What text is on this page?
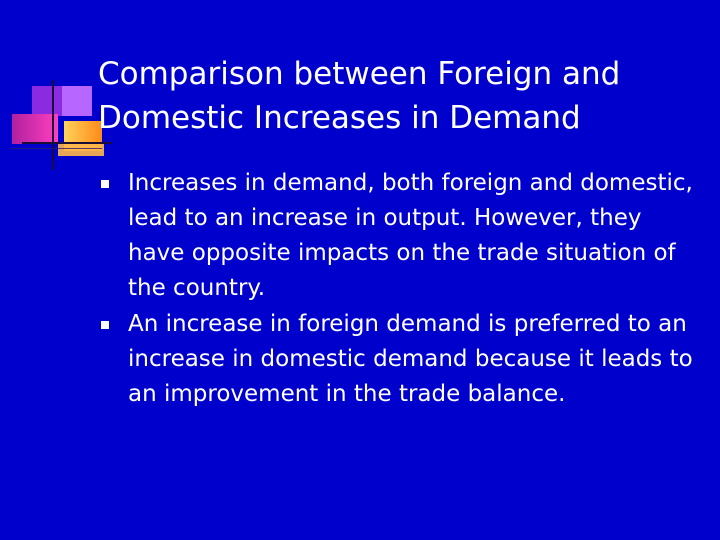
Comparison between Foreign and Domestic Increases in Demand
Increases in demand, both foreign and domestic, lead to an increase in output. However, they have opposite impacts on the trade situation of the country.
An increase in foreign demand is preferred to an increase in domestic demand because it leads to an improvement in the trade balance.
